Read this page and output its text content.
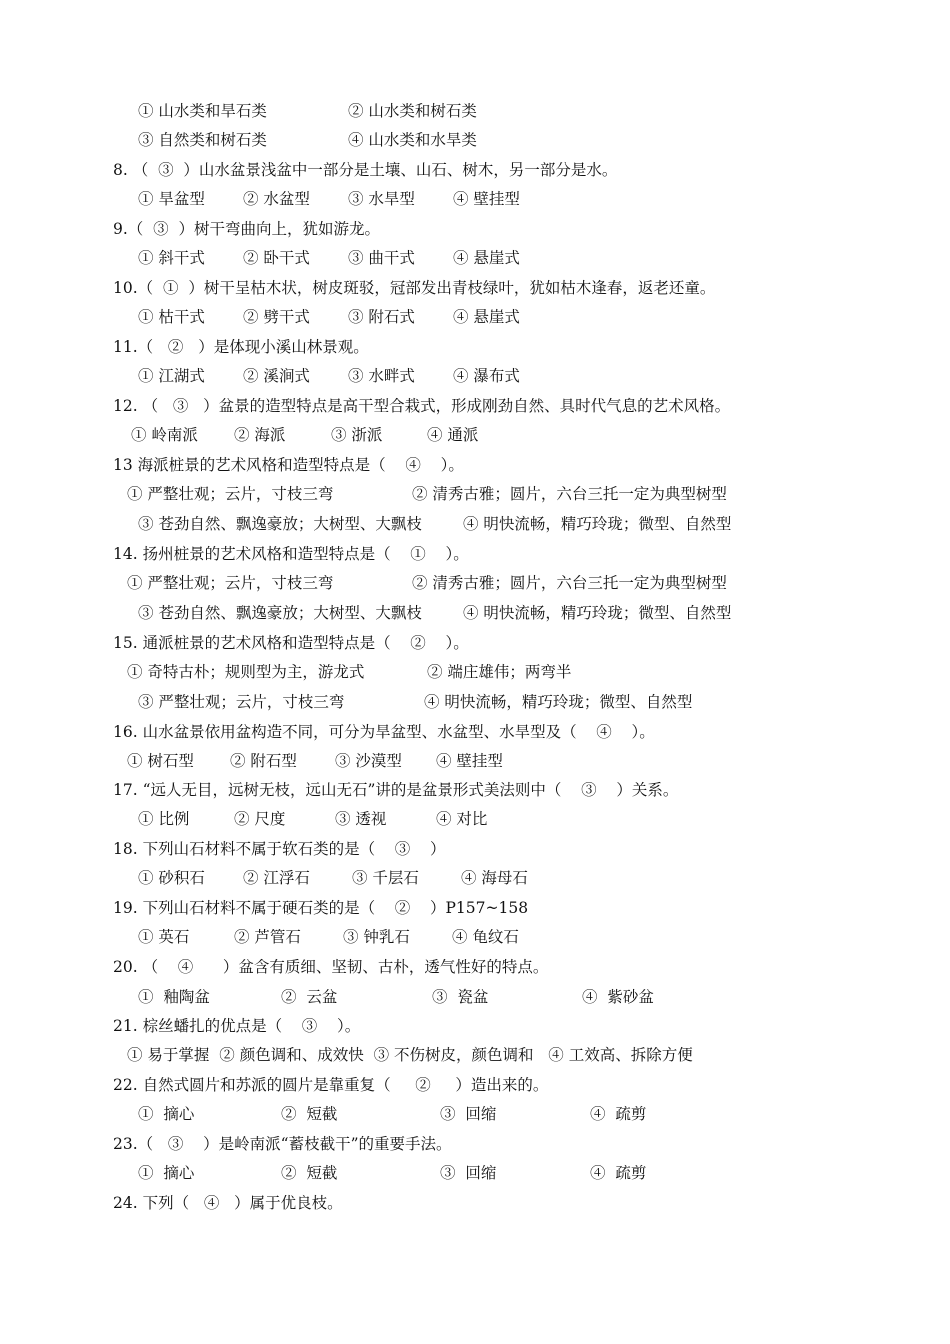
① 山水类和旱石类	② 山水类和树石类
③ 自然类和树石类	④ 山水类和水旱类
8. （  ③  ）山水盆景浅盆中一部分是土壤、山石、树木，另一部分是水。
① 旱盆型 ② 水盆型 ③ 水旱型 ④ 壁挂型
9.（  ③  ）树干弯曲向上，犹如游龙。
① 斜干式 ② 卧干式 ③ 曲干式 ④ 悬崖式
10.（  ①  ）树干呈枯木状，树皮斑驳，冠部发出青枝绿叶，犹如枯木逢春，返老还童。
① 枯干式 ② 劈干式 ③ 附石式 ④ 悬崖式
11.（   ②   ）是体现小溪山林景观。
① 江湖式 ② 溪涧式 ③ 水畔式 ④ 瀑布式
12. （   ③   ）盆景的造型特点是高干型合栽式，形成刚劲自然、具时代气息的艺术风格。
① 岭南派 ② 海派	③ 浙派	④ 通派
13 海派桩景的艺术风格和造型特点是（    ④    ）。
① 严整壮观；云片，寸枝三弯	② 清秀古雅；圆片，六台三托一定为典型树型
③ 苍劲自然、飘逸豪放；大树型、大飘枝	④ 明快流畅，精巧玲珑；微型、自然型
14. 扬州桩景的艺术风格和造型特点是（    ①    ）。
① 严整壮观；云片，寸枝三弯	② 清秀古雅；圆片，六台三托一定为典型树型
③ 苍劲自然、飘逸豪放；大树型、大飘枝	④ 明快流畅，精巧玲珑；微型、自然型
15. 通派桩景的艺术风格和造型特点是（    ②    ）。
① 奇特古朴；规则型为主，游龙式	② 端庄雄伟；两弯半
③ 严整壮观；云片，寸枝三弯	④ 明快流畅，精巧玲珑；微型、自然型
16. 山水盆景依用盆构造不同，可分为旱盆型、水盆型、水旱型及（    ④    ）。
① 树石型 ② 附石型 ③ 沙漠型 ④ 壁挂型
17. “远人无目，远树无枝，远山无石”讲的是盆景形式美法则中（    ③    ）关系。
① 比例	② 尺度	③ 透视	④ 对比
18. 下列山石材料不属于软石类的是（    ③    ）
① 砂积石 ② 江浮石	③ 千层石	④ 海母石
19. 下列山石材料不属于硬石类的是（    ②    ）P157~158
① 英石	② 芦管石	③ 钟乳石	④ 龟纹石
20. （    ④      ）盆含有质细、坚韧、古朴，透气性好的特点。
①  釉陶盆	②  云盆	③  瓷盆	④  紫砂盆
21. 棕丝蟠扎的优点是（    ③    ）。
① 易于掌握  ② 颜色调和、成效快  ③ 不伤树皮，颜色调和   ④ 工效高、拆除方便
22. 自然式圆片和苏派的圆片是靠重复（     ②     ）造出来的。
①  摘心	②  短截	③  回缩	④  疏剪
23.（   ③    ）是岭南派“蓄枝截干”的重要手法。
①  摘心	②  短截	③  回缩	④  疏剪
24. 下列（   ④   ）属于优良枝。
